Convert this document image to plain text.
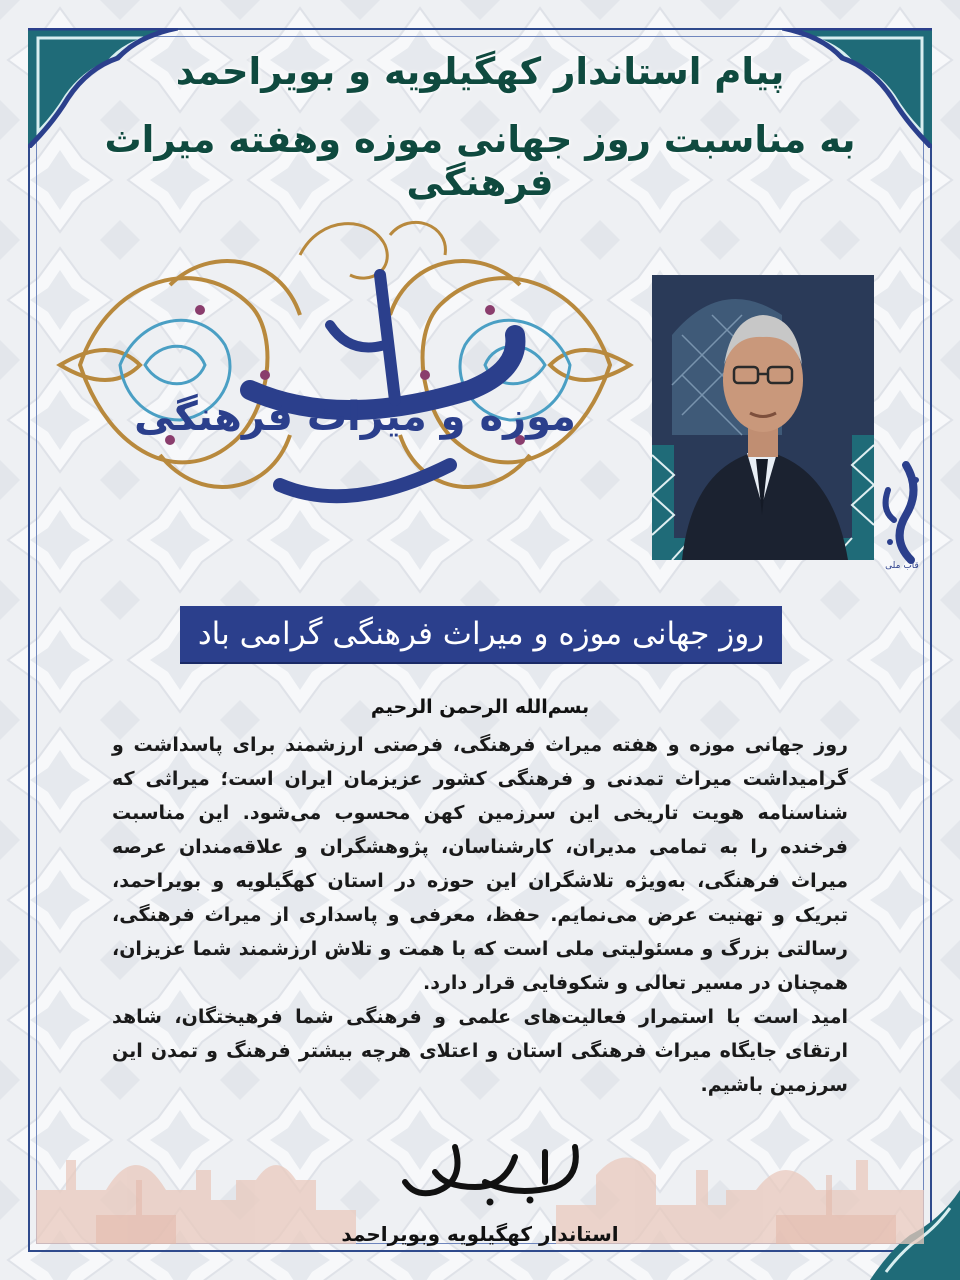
پیام استاندار کهگیلویه و بویراحمد
به مناسبت روز جهانی موزه وهفته میراث فرهنگی
موزه و میراث فرهنگی
قاب ملی
روز جهانی موزه و میراث فرهنگی گرامی باد
بسم‌الله الرحمن الرحیم

روز جهانی موزه و هفته میراث فرهنگی، فرصتی ارزشمند برای پاسداشت و گرامیداشت میراث تمدنی و فرهنگی کشور عزیزمان ایران است؛ میراثی که شناسنامه هویت تاریخی این سرزمین کهن محسوب می‌شود. این مناسبت فرخنده را به تمامی مدیران، کارشناسان، پژوهشگران و علاقه‌مندان عرصه میراث فرهنگی، به‌ویژه تلاشگران این حوزه در استان کهگیلویه و بویراحمد، تبریک و تهنیت عرض می‌نمایم. حفظ، معرفی و پاسداری از میراث فرهنگی، رسالتی بزرگ و مسئولیتی ملی است که با همت و تلاش ارزشمند شما عزیزان، همچنان در مسیر تعالی و شکوفایی قرار دارد.

امید است با استمرار فعالیت‌های علمی و فرهنگی شما فرهیختگان، شاهد ارتقای جایگاه میراث فرهنگی استان و اعتلای هرچه بیشتر فرهنگ و تمدن این سرزمین باشیم.

استاندار کهگیلویه وبویراحمد
